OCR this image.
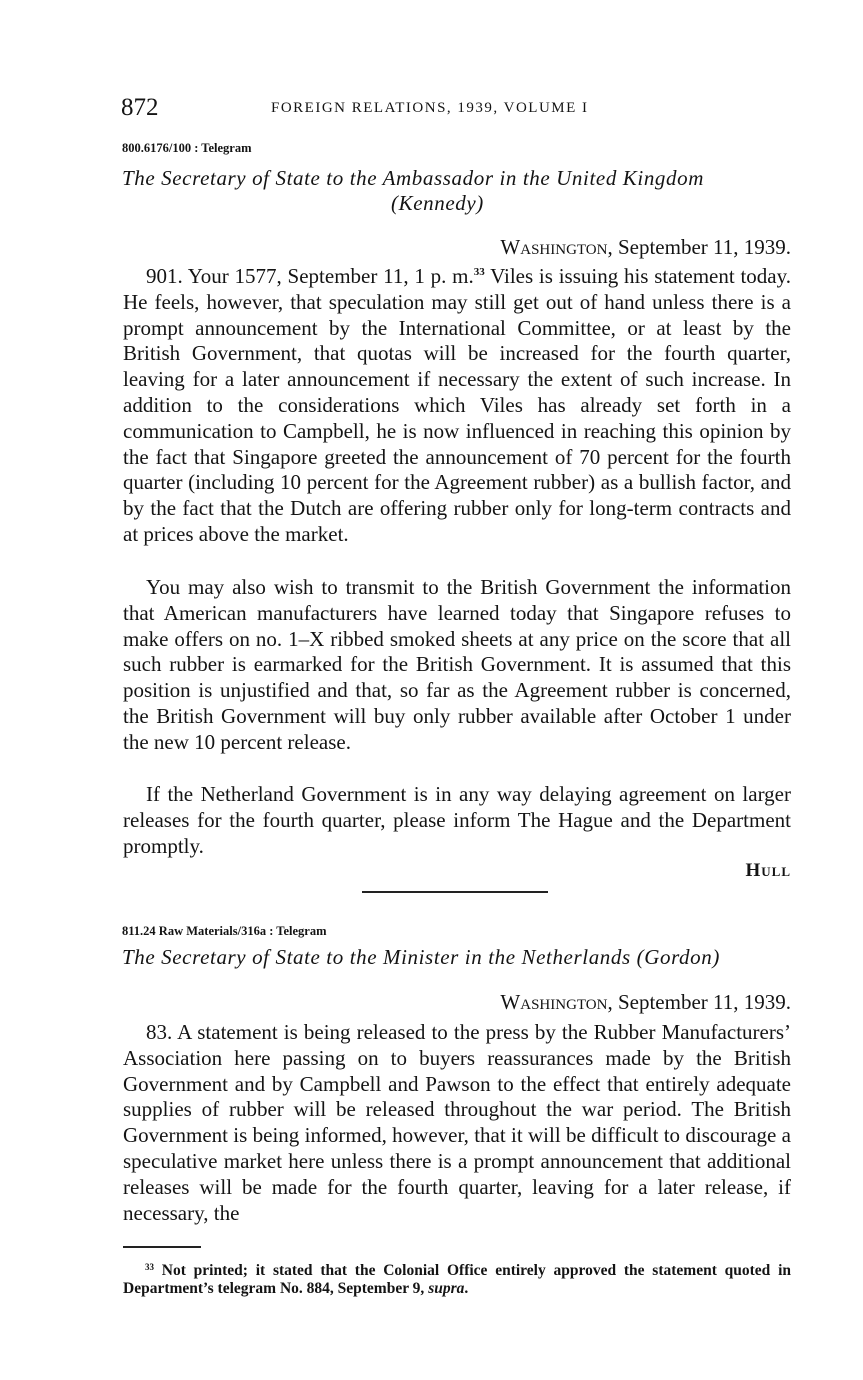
872	FOREIGN RELATIONS, 1939, VOLUME I
800.6176/100 : Telegram
The Secretary of State to the Ambassador in the United Kingdom
(Kennedy)
Washington, September 11, 1939.

901. Your 1577, September 11, 1 p. m.$^{33}$ Viles is issuing his statement today. He feels, however, that speculation may still get out of hand unless there is a prompt announcement by the International Committee, or at least by the British Government, that quotas will be increased for the fourth quarter, leaving for a later announcement if necessary the extent of such increase. In addition to the considerations which Viles has already set forth in a communication to Campbell, he is now influenced in reaching this opinion by the fact that Singapore greeted the announcement of 70 percent for the fourth quarter (including 10 percent for the Agreement rubber) as a bullish factor, and by the fact that the Dutch are offering rubber only for long-term contracts and at prices above the market.

You may also wish to transmit to the British Government the information that American manufacturers have learned today that Singapore refuses to make offers on no. 1–X ribbed smoked sheets at any price on the score that all such rubber is earmarked for the British Government. It is assumed that this position is unjustified and that, so far as the Agreement rubber is concerned, the British Government will buy only rubber available after October 1 under the new 10 percent release.

If the Netherland Government is in any way delaying agreement on larger releases for the fourth quarter, please inform The Hague and the Department promptly.

Hull
811.24 Raw Materials/316a : Telegram
The Secretary of State to the Minister in the Netherlands (Gordon)
Washington, September 11, 1939.

83. A statement is being released to the press by the Rubber Manufacturers’ Association here passing on to buyers reassurances made by the British Government and by Campbell and Pawson to the effect that entirely adequate supplies of rubber will be released throughout the war period. The British Government is being informed, however, that it will be difficult to discourage a speculative market here unless there is a prompt announcement that additional releases will be made for the fourth quarter, leaving for a later release, if necessary, the

$^{33}$ Not printed; it stated that the Colonial Office entirely approved the statement quoted in Department’s telegram No. 884, September 9, supra.
